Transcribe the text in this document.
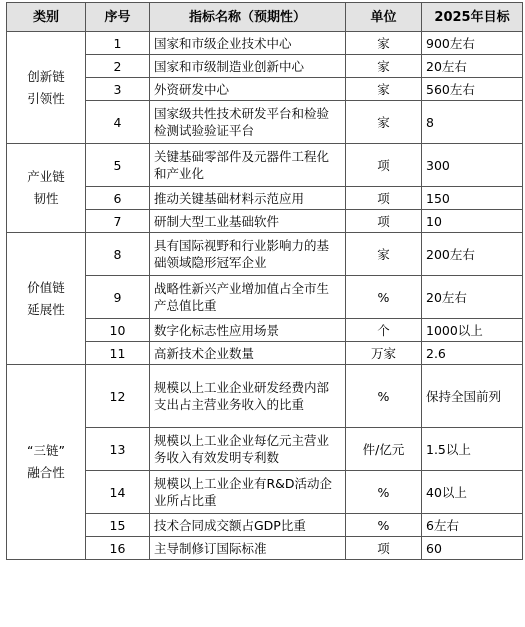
类别	序号	指标名称（预期性）	单位	2025年目标
创新链
引领性	1	国家和市级企业技术中心	家	900左右
	2	国家和市级制造业创新中心	家	20左右
	3	外资研发中心	家	560左右
	4	国家级共性技术研发平台和检验检测试验验证平台	家	8
产业链
韧性	5	关键基础零部件及元器件工程化和产业化	项	300
	6	推动关键基础材料示范应用	项	150
	7	研制大型工业基础软件	项	10
价值链
延展性	8	具有国际视野和行业影响力的基础领域隐形冠军企业	家	200左右
	9	战略性新兴产业增加值占全市生产总值比重	%	20左右
	10	数字化标志性应用场景	个	1000以上
	11	高新技术企业数量	万家	2.6
“三链”
融合性	12	规模以上工业企业研发经费内部支出占主营业务收入的比重	%	保持全国前列
	13	规模以上工业企业每亿元主营业务收入有效发明专利数	件/亿元	1.5以上
	14	规模以上工业企业有R&D活动企业所占比重	%	40以上
	15	技术合同成交额占GDP比重	%	6左右
	16	主导制修订国际标准	项	60
